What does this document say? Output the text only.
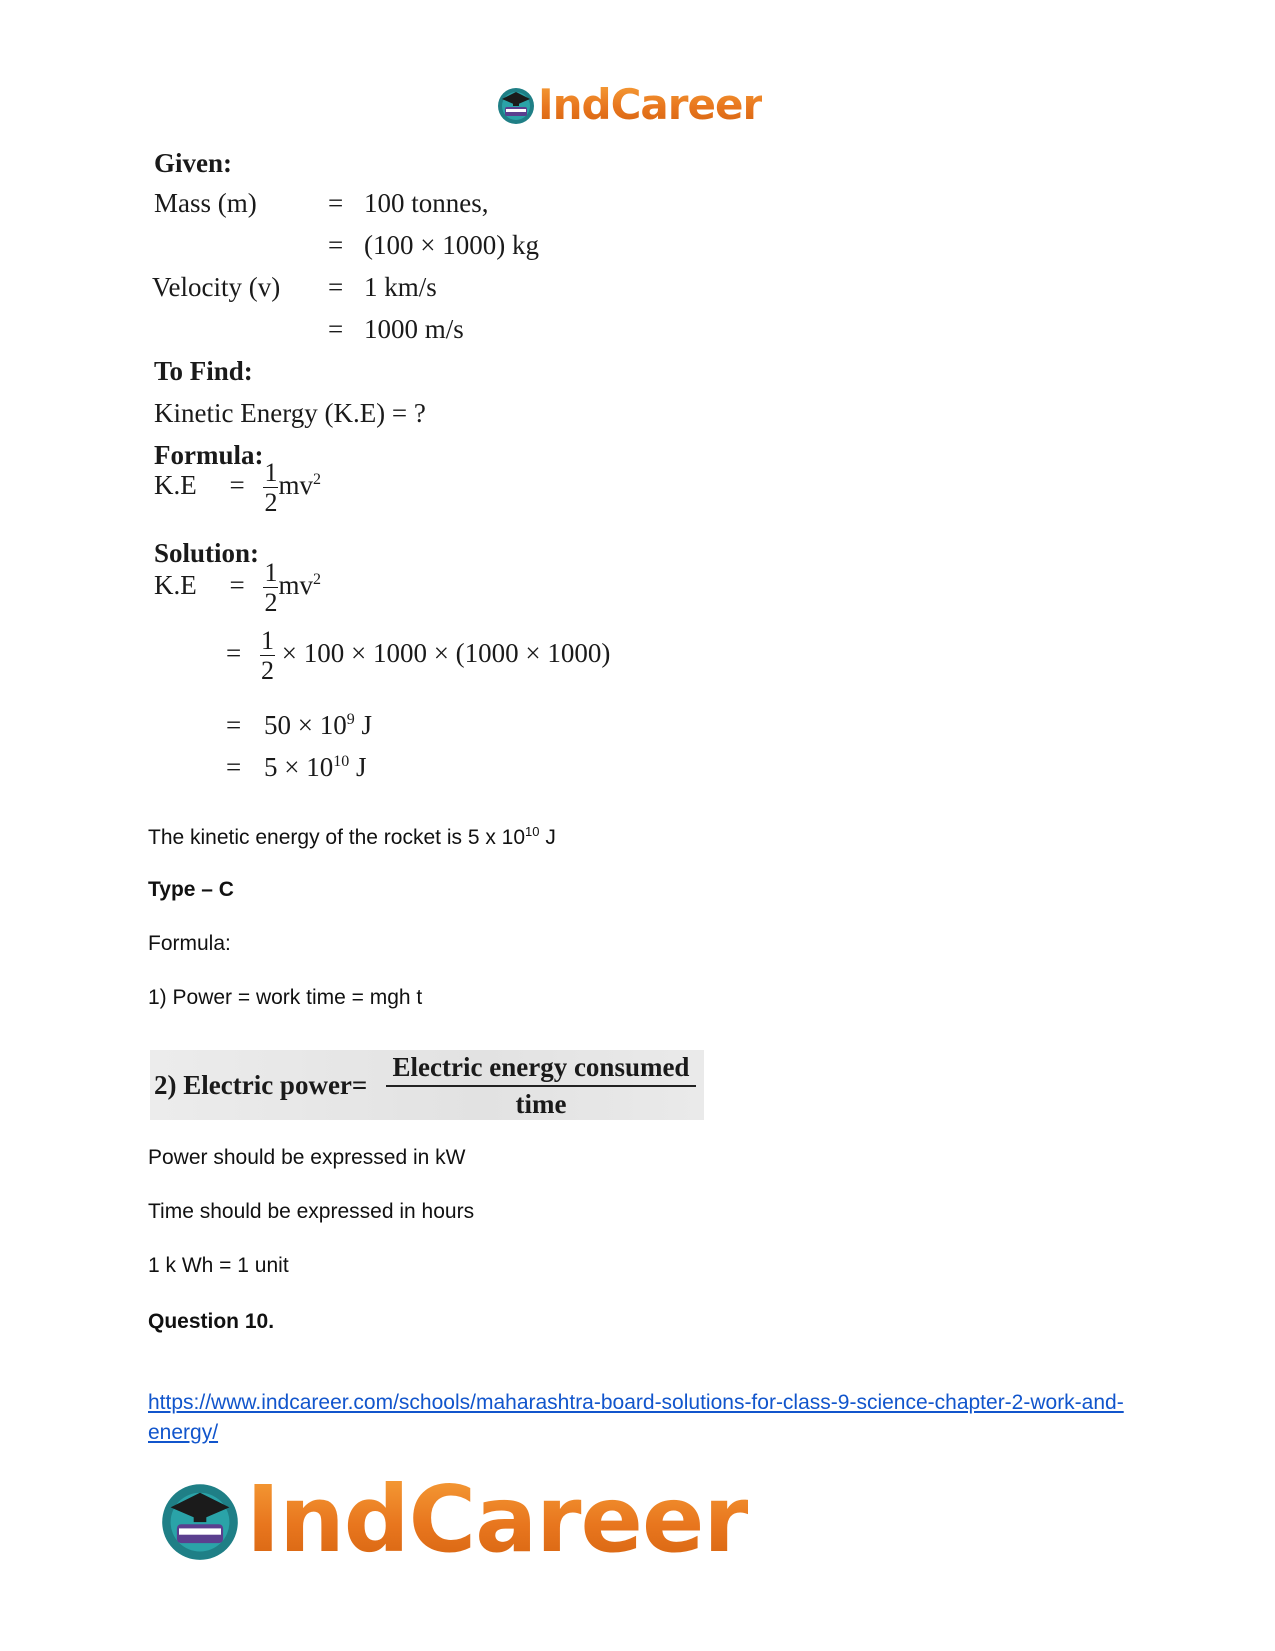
IndCareer
Given:
Mass (m)	= 100 tonnes,
= (100 × 1000) kg
Velocity (v) = 1 km/s
= 1000 m/s
To Find:
Kinetic Energy (K.E) = ?
Formula:
$K.E = \frac{1}{2} mv^2$
Solution:
$K.E = \frac{1}{2} mv^2$
= $\frac{1}{2} \times 100 \times 1000 \times (1000 \times 1000)$
= $50 \times 10^9$ J
= $5 \times 10^{10}$ J
The kinetic energy of the rocket is 5 x $10^{10}$ J
Type – C
Formula:
1) Power = work time = mgh t
2) Electric power=
Electric energy consumed
time
Power should be expressed in kW
Time should be expressed in hours
1 k Wh = 1 unit
Question 10.
https://www.indcareer.com/schools/maharashtra-board-solutions-for-class-9-science-chapter-2-work-and-energy/
IndCareer
